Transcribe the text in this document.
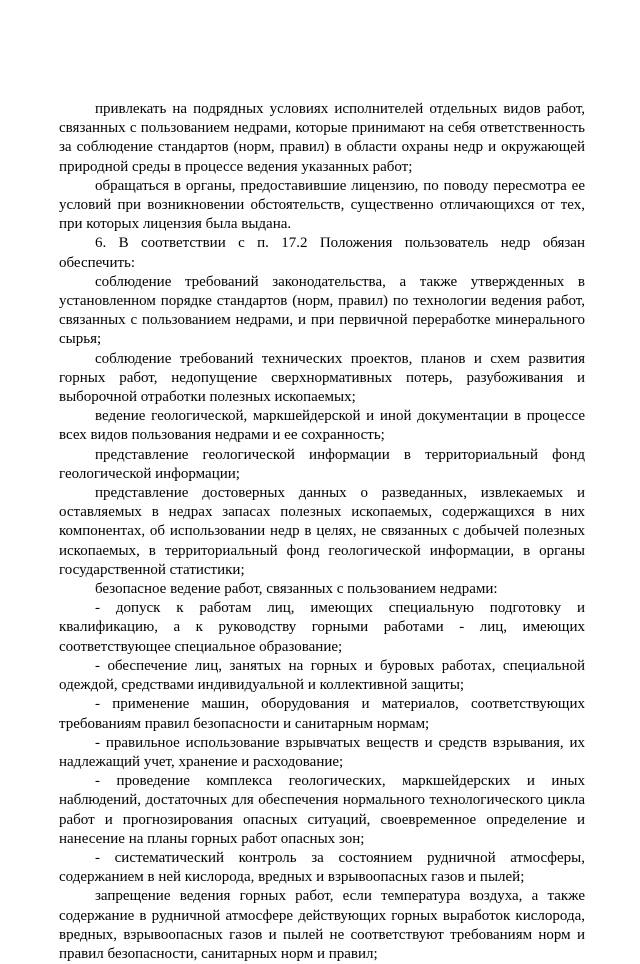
привлекать на подрядных условиях исполнителей отдельных видов работ, связанных с пользованием недрами, которые принимают на себя ответственность за соблюдение стандартов (норм, правил) в области охраны недр и окружающей природной среды в процессе ведения указанных работ;

обращаться в органы, предоставившие лицензию, по поводу пересмотра ее условий при возникновении обстоятельств, существенно отличающихся от тех, при которых лицензия была выдана.

6. В соответствии с п. 17.2 Положения пользователь недр обязан обеспечить:

соблюдение требований законодательства, а также утвержденных в установленном порядке стандартов (норм, правил) по технологии ведения работ, связанных с пользованием недрами, и при первичной переработке минерального сырья;

соблюдение требований технических проектов, планов и схем развития горных работ, недопущение сверхнормативных потерь, разубоживания и выборочной отработки полезных ископаемых;

ведение геологической, маркшейдерской и иной документации в процессе всех видов пользования недрами и ее сохранность;

представление геологической информации в территориальный фонд геологической информации;

представление достоверных данных о разведанных, извлекаемых и оставляемых в недрах запасах полезных ископаемых, содержащихся в них компонентах, об использовании недр в целях, не связанных с добычей полезных ископаемых, в территориальный фонд геологической информации, в органы государственной статистики;

безопасное ведение работ, связанных с пользованием недрами:

- допуск к работам лиц, имеющих специальную подготовку и квалификацию, а к руководству горными работами - лиц, имеющих соответствующее специальное образование;

- обеспечение лиц, занятых на горных и буровых работах, специальной одеждой, средствами индивидуальной и коллективной защиты;

- применение машин, оборудования и материалов, соответствующих требованиям правил безопасности и санитарным нормам;

- правильное использование взрывчатых веществ и средств взрывания, их надлежащий учет, хранение и расходование;

- проведение комплекса геологических, маркшейдерских и иных наблюдений, достаточных для обеспечения нормального технологического цикла работ и прогнозирования опасных ситуаций, своевременное определение и нанесение на планы горных работ опасных зон;

- систематический контроль за состоянием рудничной атмосферы, содержанием в ней кислорода, вредных и взрывоопасных газов и пылей;

запрещение ведения горных работ, если температура воздуха, а также содержание в рудничной атмосфере действующих горных выработок кислорода, вредных, взрывоопасных газов и пылей не соответствуют требованиям норм и правил безопасности, санитарных норм и правил;
